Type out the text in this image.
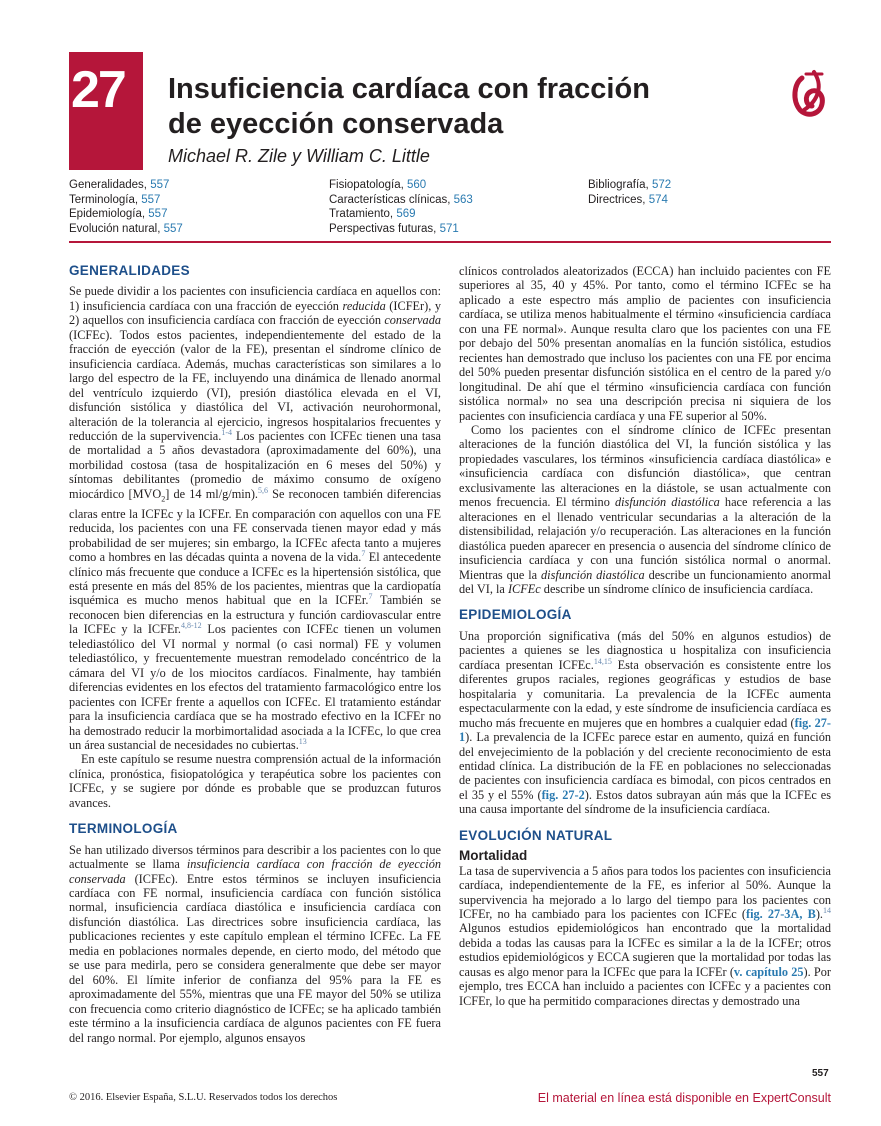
27 Insuficiencia cardíaca con fracción
de eyección conservada
Michael R. Zile y William C. Little
Generalidades, 557
Terminología, 557
Epidemiología, 557
Evolución natural, 557
Fisiopatología, 560
Características clínicas, 563
Tratamiento, 569
Perspectivas futuras, 571
Bibliografía, 572
Directrices, 574
GENERALIDADES

Se puede dividir a los pacientes con insuficiencia cardíaca en aquellos con: 1) insuficiencia cardíaca con una fracción de eyección reducida (ICFEr), y 2) aquellos con insuficiencia cardíaca con fracción de eyección conservada (ICFEc). Todos estos pacientes, independientemente del estado de la fracción de eyección (valor de la FE), presentan el síndrome clínico de insuficiencia cardíaca. Además, muchas características son similares a lo largo del espectro de la FE, incluyendo una dinámica de llenado anormal del ventrículo izquierdo (VI), presión diastólica elevada en el VI, disfunción sistólica y diastólica del VI, activación neurohormonal, alteración de la tolerancia al ejercicio, ingresos hospitalarios frecuentes y reducción de la supervivencia.$^{1-4}$ Los pacientes con ICFEc tienen una tasa de mortalidad a 5 años devastadora (aproximadamente del 60%), una morbilidad costosa (tasa de hospitalización en 6 meses del 50%) y síntomas debilitantes (promedio de máximo consumo de oxígeno miocárdico $[MVO_2]$ de 14 ml/g/min).$^{5,6}$ Se reconocen también diferencias claras entre la ICFEc y la ICFEr. En comparación con aquellos con una FE reducida, los pacientes con una FE conservada tienen mayor edad y más probabilidad de ser mujeres; sin embargo, la ICFEc afecta tanto a mujeres como a hombres en las décadas quinta a novena de la vida.$^7$ El antecedente clínico más frecuente que conduce a ICFEc es la hipertensión sistólica, que está presente en más del 85% de los pacientes, mientras que la cardiopatía isquémica es mucho menos habitual que en la ICFEr.$^7$ También se reconocen bien diferencias en la estructura y función cardiovascular entre la ICFEc y la ICFEr.$^{4,8-12}$ Los pacientes con ICFEc tienen un volumen telediastólico del VI normal y normal (o casi normal) FE y volumen telediastólico, y frecuentemente muestran remodelado concéntrico de la cámara del VI y/o de los miocitos cardíacos. Finalmente, hay también diferencias evidentes en los efectos del tratamiento farmacológico entre los pacientes con ICFEr frente a aquellos con ICFEc. El tratamiento estándar para la insuficiencia cardíaca que se ha mostrado efectivo en la ICFEr no ha demostrado reducir la morbimortalidad asociada a la ICFEc, lo que crea un área sustancial de necesidades no cubiertas.$^{13}$

En este capítulo se resume nuestra comprensión actual de la información clínica, pronóstica, fisiopatológica y terapéutica sobre los pacientes con ICFEc, y se sugiere por dónde es probable que se produzcan futuros avances.

TERMINOLOGÍA

Se han utilizado diversos términos para describir a los pacientes con lo que actualmente se llama insuficiencia cardíaca con fracción de eyección conservada (ICFEc). Entre estos términos se incluyen insuficiencia cardíaca con FE normal, insuficiencia cardíaca con función sistólica normal, insuficiencia cardíaca diastólica e insuficiencia cardíaca con disfunción diastólica. Las directrices sobre insuficiencia cardíaca, las publicaciones recientes y este capítulo emplean el término ICFEc. La FE media en poblaciones normales depende, en cierto modo, del método que se use para medirla, pero se considera generalmente que debe ser mayor del 60%. El límite inferior de confianza del 95% para la FE es aproximadamente del 55%, mientras que una FE mayor del 50% se utiliza con frecuencia como criterio diagnóstico de ICFEc; se ha aplicado también este término a la insuficiencia cardíaca de algunos pacientes con FE fuera del rango normal. Por ejemplo, algunos ensayos

clínicos controlados aleatorizados (ECCA) han incluido pacientes con FE superiores al 35, 40 y 45%. Por tanto, como el término ICFEc se ha aplicado a este espectro más amplio de pacientes con insuficiencia cardíaca, se utiliza menos habitualmente el término «insuficiencia cardíaca con una FE normal». Aunque resulta claro que los pacientes con una FE por debajo del 50% presentan anomalías en la función sistólica, estudios recientes han demostrado que incluso los pacientes con una FE por encima del 50% pueden presentar disfunción sistólica en el centro de la pared y/o longitudinal. De ahí que el término «insuficiencia cardíaca con función sistólica normal» no sea una descripción precisa ni siquiera de los pacientes con insuficiencia cardíaca y una FE superior al 50%.

Como los pacientes con el síndrome clínico de ICFEc presentan alteraciones de la función diastólica del VI, la función sistólica y las propiedades vasculares, los términos «insuficiencia cardíaca diastólica» e «insuficiencia cardíaca con disfunción diastólica», que centran exclusivamente las alteraciones en la diástole, se usan actualmente con menos frecuencia. El término disfunción diastólica hace referencia a las alteraciones en el llenado ventricular secundarias a la alteración de la distensibilidad, relajación y/o recuperación. Las alteraciones en la función diastólica pueden aparecer en presencia o ausencia del síndrome clínico de insuficiencia cardíaca y con una función sistólica normal o anormal. Mientras que la disfunción diastólica describe un funcionamiento anormal del VI, la ICFEc describe un síndrome clínico de insuficiencia cardíaca.

EPIDEMIOLOGÍA

Una proporción significativa (más del 50% en algunos estudios) de pacientes a quienes se les diagnostica u hospitaliza con insuficiencia cardíaca presentan ICFEc.$^{14,15}$ Esta observación es consistente entre los diferentes grupos raciales, regiones geográficas y estudios de base hospitalaria y comunitaria. La prevalencia de la ICFEc aumenta espectacularmente con la edad, y este síndrome de insuficiencia cardíaca es mucho más frecuente en mujeres que en hombres a cualquier edad (fig. 27-1). La prevalencia de la ICFEc parece estar en aumento, quizá en función del envejecimiento de la población y del creciente reconocimiento de esta entidad clínica. La distribución de la FE en poblaciones no seleccionadas de pacientes con insuficiencia cardíaca es bimodal, con picos centrados en el 35 y el 55% (fig. 27-2). Estos datos subrayan aún más que la ICFEc es una causa importante del síndrome de la insuficiencia cardíaca.

EVOLUCIÓN NATURAL
Mortalidad

La tasa de supervivencia a 5 años para todos los pacientes con insuficiencia cardíaca, independientemente de la FE, es inferior al 50%. Aunque la supervivencia ha mejorado a lo largo del tiempo para los pacientes con ICFEr, no ha cambiado para los pacientes con ICFEc (fig. 27-3A, B).$^{14}$ Algunos estudios epidemiológicos han encontrado que la mortalidad debida a todas las causas para la ICFEc es similar a la de la ICFEr; otros estudios epidemiológicos y ECCA sugieren que la mortalidad por todas las causas es algo menor para la ICFEc que para la ICFEr (v. capítulo 25). Por ejemplo, tres ECCA han incluido a pacientes con ICFEc y a pacientes con ICFEr, lo que ha permitido comparaciones directas y demostrado una

557
© 2016. Elsevier España, S.L.U. Reservados todos los derechos	El material en línea está disponible en ExpertConsult
